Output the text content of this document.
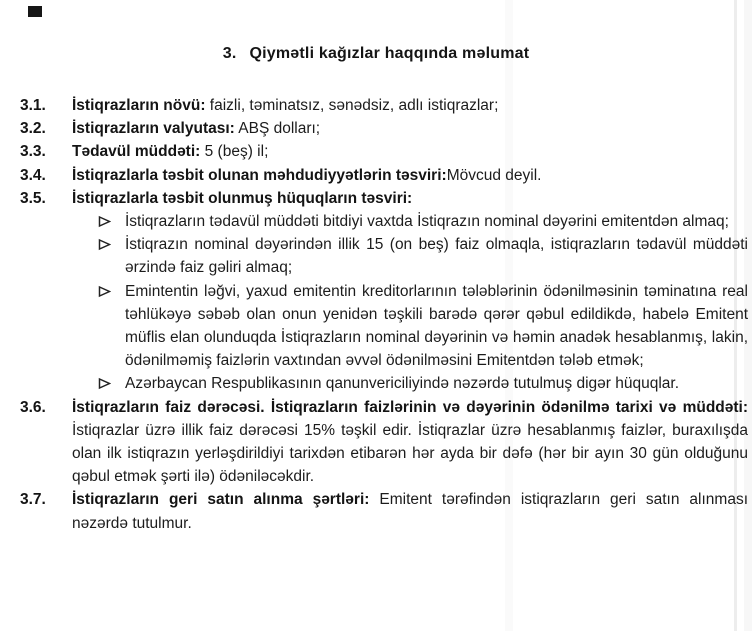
3. Qiymətli kağızlar haqqında məlumat
3.1.	İstiqrazların növü: faizli, təminatsız, sənədsiz, adlı istiqrazlar;
3.2.	İstiqrazların valyutası: ABŞ dolları;
3.3.	Tədavül müddəti: 5 (beş) il;
3.4.	İstiqrazlarla təsbit olunan məhdudiyyətlərin təsviri:Mövcud deyil.
3.5.	İstiqrazlarla təsbit olunmuş hüquqların təsviri:
İstiqrazların tədavül müddəti bitdiyi vaxtda İstiqrazın nominal dəyərini emitentdən almaq;
İstiqrazın nominal dəyərindən illik 15 (on beş) faiz olmaqla, istiqrazların tədavül müddəti ərzində faiz gəliri almaq;
Emintentin ləğvi, yaxud emitentin kreditorlarının tələblərinin ödənilməsinin təminatına real təhlükəyə səbəb olan onun yenidən təşkili barədə qərər qəbul edildikdə, habelə Emitent müflis elan olunduqda İstiqrazların nominal dəyərinin və həmin anadək hesablanmış, lakin, ödənilməmiş faizlərin vaxtından əvvəl ödənilməsini Emitentdən tələb etmək;
Azərbaycan Respublikasının qanunvericiliyində nəzərdə tutulmuş digər hüquqlar.
3.6.	İstiqrazların faiz dərəcəsi. İstiqrazların faizlərinin və dəyərinin ödənilmə tarixi və müddəti: İstiqrazlar üzrə illik faiz dərəcəsi 15% təşkil edir. İstiqrazlar üzrə hesablanmış faizlər, buraxılışda olan ilk istiqrazın yerləşdirildiyi tarixdən etibarən hər ayda bir dəfə (hər bir ayın 30 gün olduğunu qəbul etmək şərti ilə) ödəniləcəkdir.
3.7.	İstiqrazların geri satın alınma şərtləri: Emitent tərəfindən istiqrazların geri satın alınması nəzərdə tutulmur.
